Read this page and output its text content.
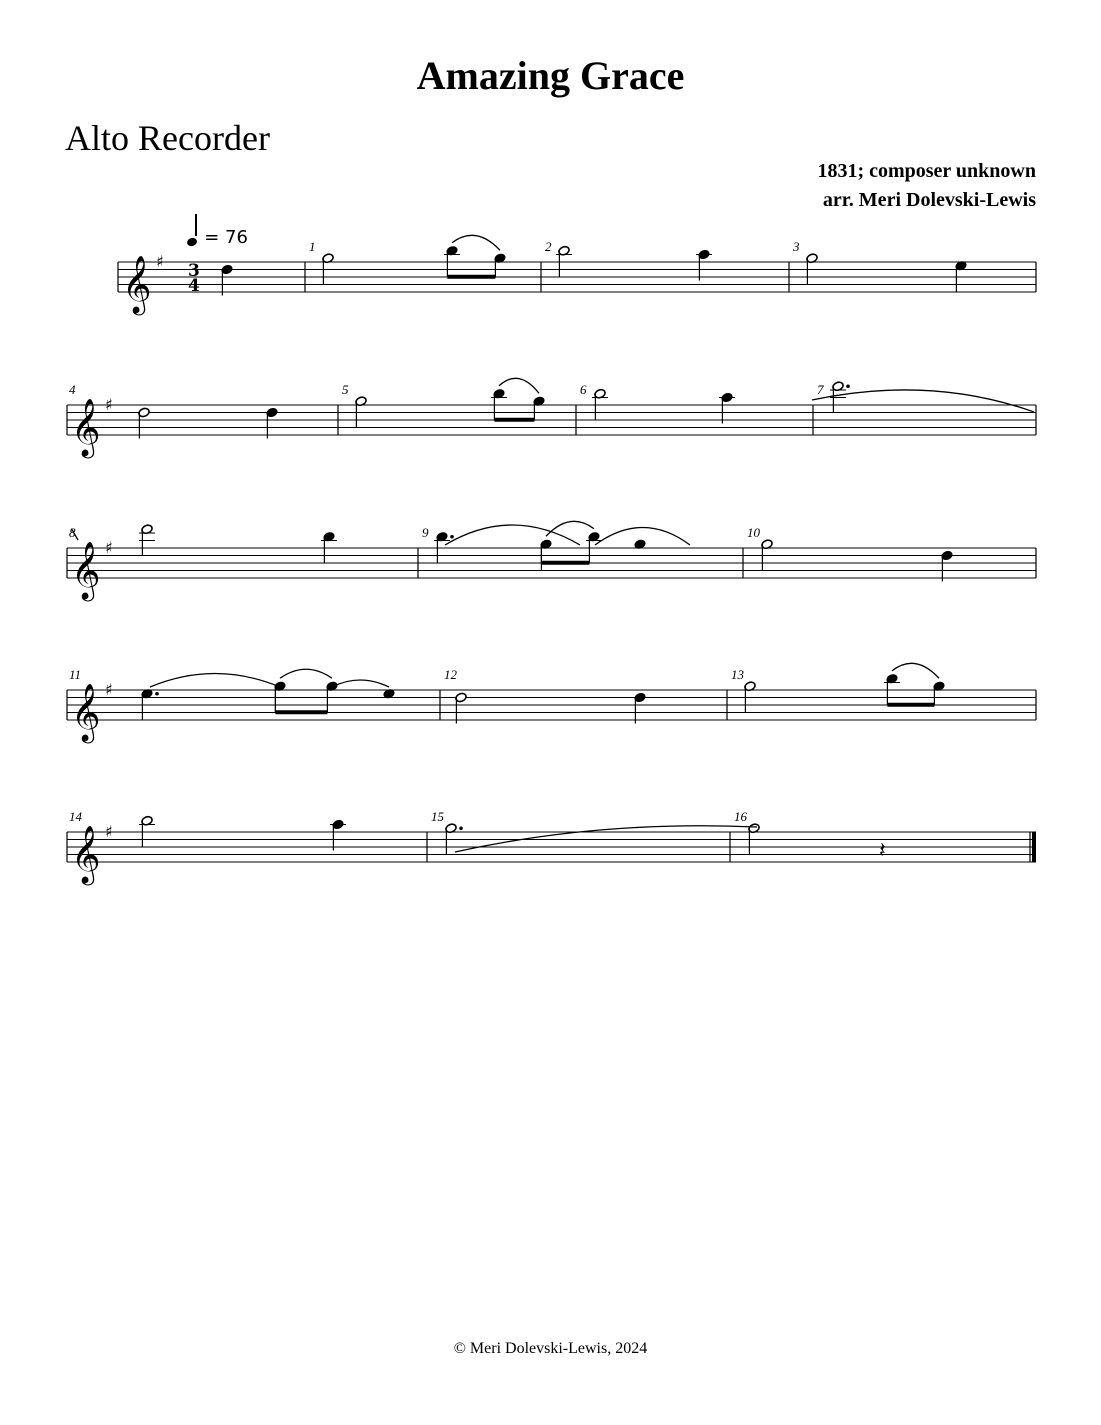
Amazing Grace
Alto Recorder
1831; composer unknown
arr. Meri Dolevski-Lewis
= 76
𝄞 ♯ 3
4
1	2	3
𝄞 ♯
4	5	6	7
𝄞 ♯
8	9	10
𝄞 ♯
11	12	13
𝄞 ♯
14	15	16
𝄽
© Meri Dolevski-Lewis, 2024
